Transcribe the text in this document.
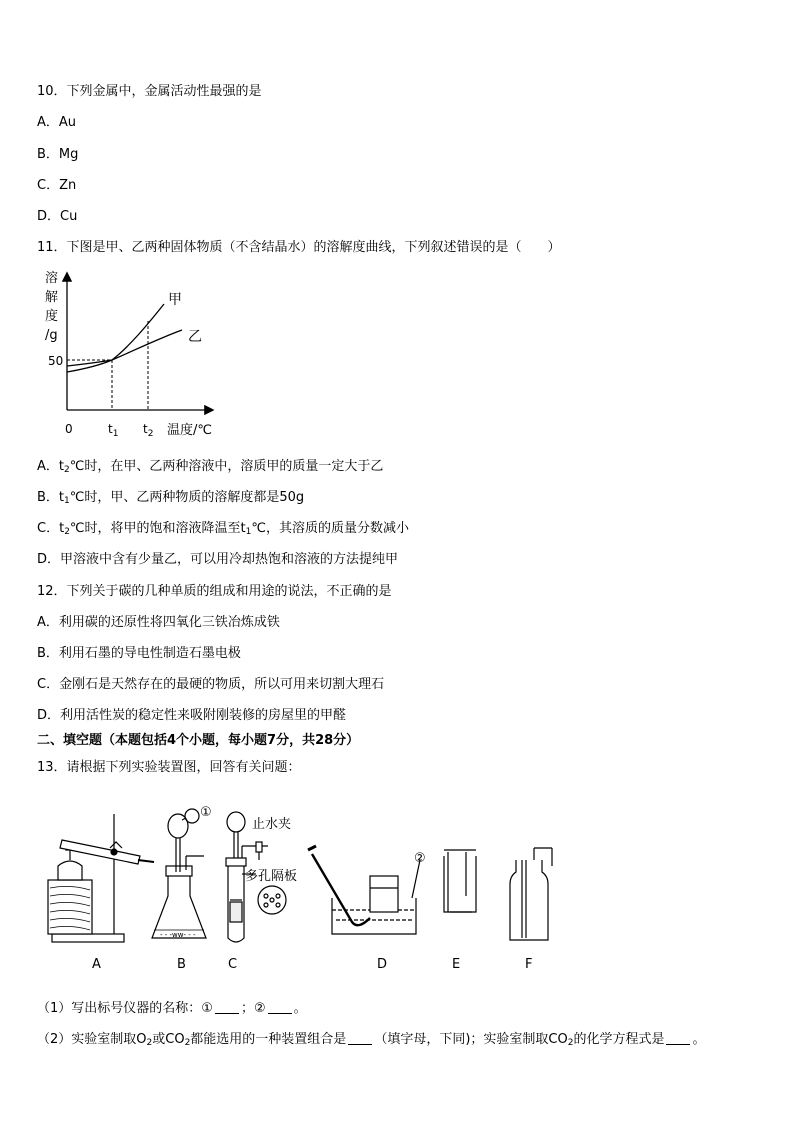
10．下列金属中，金属活动性最强的是
A．Au
B．Mg
C．Zn
D．Cu
11．下图是甲、乙两种固体物质（不含结晶水）的溶解度曲线，下列叙述错误的是（　　）
溶
解
度
/g
50
0	$t_1$ $t_2$ 温度/℃
甲
乙
A．$t_2℃$时，在甲、乙两种溶液中，溶质甲的质量一定大于乙
B．$t_1℃$时，甲、乙两种物质的溶解度都是50g
C．$t_2℃$时，将甲的饱和溶液降温至$t_1℃$，其溶质的质量分数减小
D．甲溶液中含有少量乙，可以用冷却热饱和溶液的方法提纯甲
12．下列关于碳的几种单质的组成和用途的说法，不正确的是
A．利用碳的还原性将四氧化三铁冶炼成铁
B．利用石墨的导电性制造石墨电极
C．金刚石是天然存在的最硬的物质，所以可用来切割大理石
D．利用活性炭的稳定性来吸附刚装修的房屋里的甲醛
二、填空题（本题包括4个小题，每小题7分，共28分）
13．请根据下列实验装置图，回答有关问题：
- - -ww- - -
①
止水夹
多孔隔板
②
A	B	C	D	E	F
（1）写出标号仪器的名称：① ；② 。
（2）实验室制取$O_2$或$CO_2$都能选用的一种装置组合是 （填字母，下同)；实验室制取$CO_2$的化学方程式是 。
